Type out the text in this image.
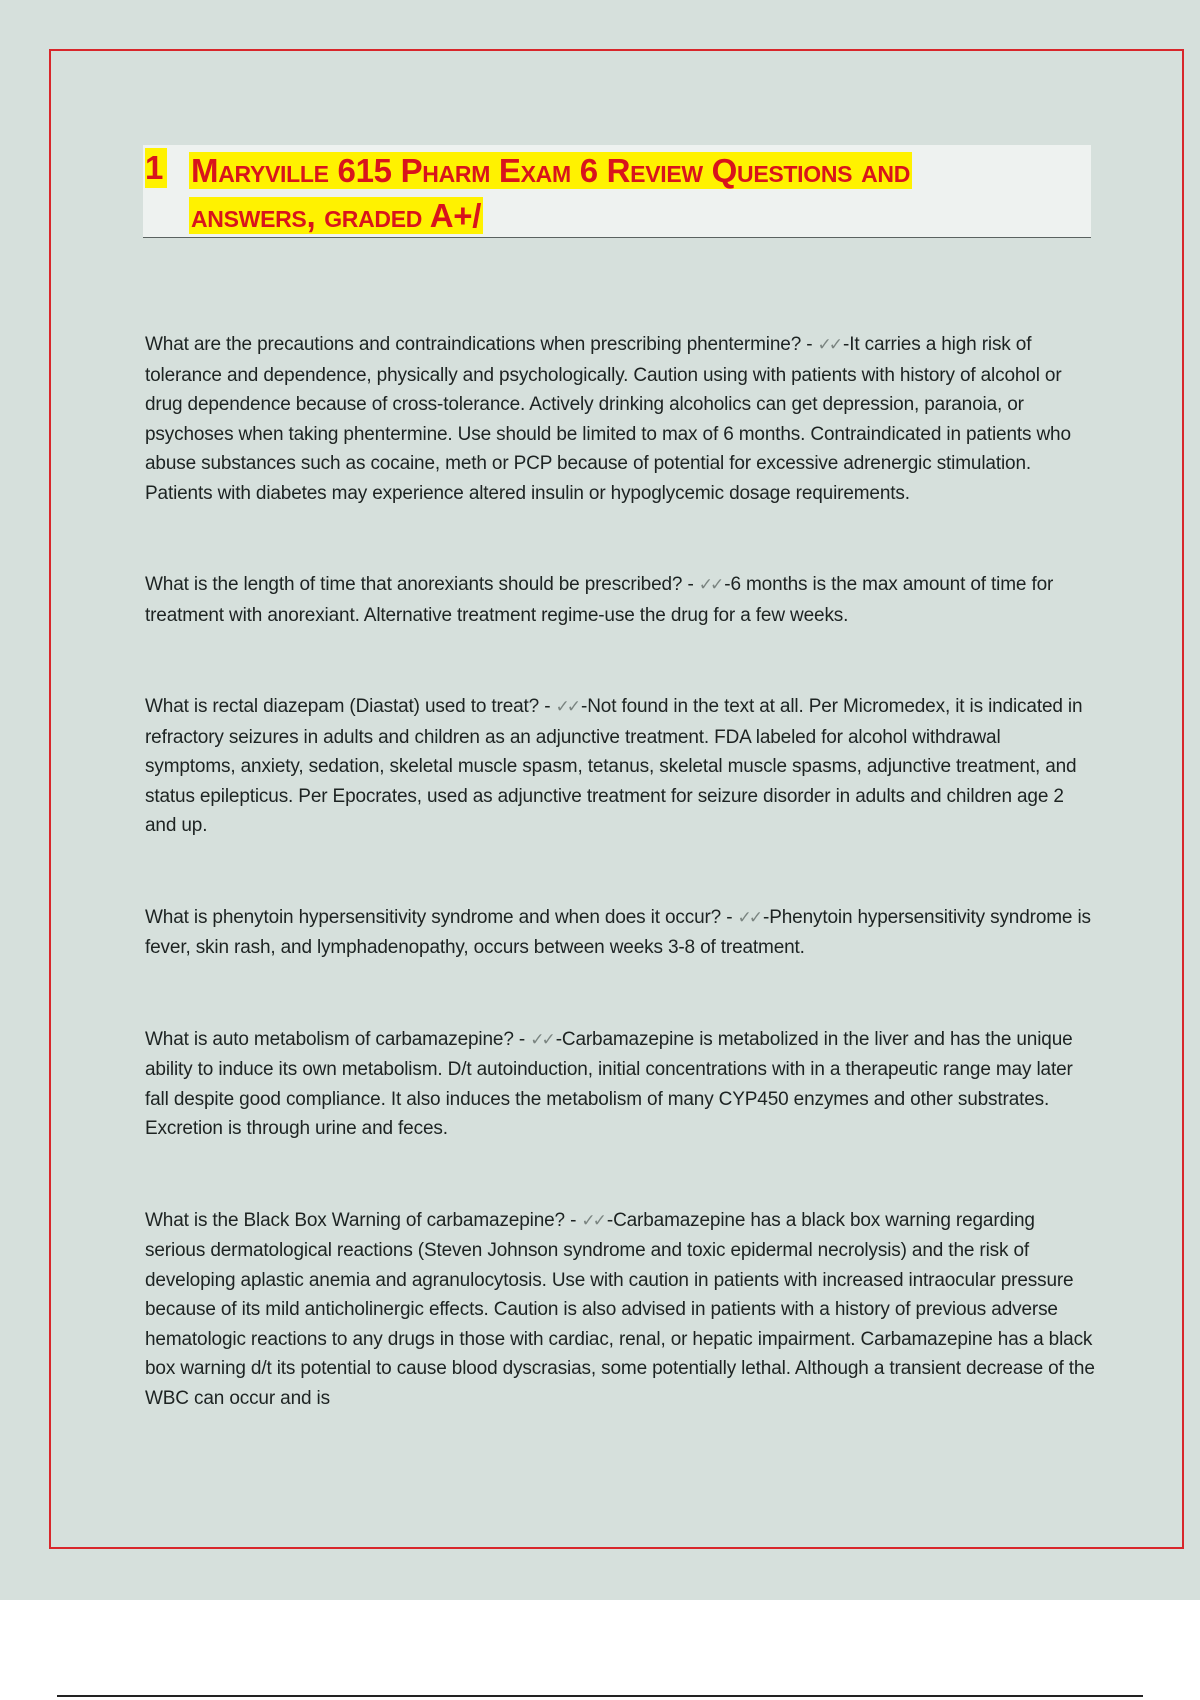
1 Maryville 615 Pharm Exam 6 Review Questions and
answers, graded A+/

What are the precautions and contraindications when prescribing phentermine? - ✓✓ -It carries a high risk of tolerance and dependence, physically and psychologically. Caution using with patients with history of alcohol or drug dependence because of cross-tolerance. Actively drinking alcoholics can get depression, paranoia, or psychoses when taking phentermine. Use should be limited to max of 6 months. Contraindicated in patients who abuse substances such as cocaine, meth or PCP because of potential for excessive adrenergic stimulation. Patients with diabetes may experience altered insulin or hypoglycemic dosage requirements.

What is the length of time that anorexiants should be prescribed? - ✓✓ -6 months is the max amount of time for treatment with anorexiant. Alternative treatment regime-use the drug for a few weeks.

What is rectal diazepam (Diastat) used to treat? - ✓✓ -Not found in the text at all. Per Micromedex, it is indicated in refractory seizures in adults and children as an adjunctive treatment. FDA labeled for alcohol withdrawal symptoms, anxiety, sedation, skeletal muscle spasm, tetanus, skeletal muscle spasms, adjunctive treatment, and status epilepticus. Per Epocrates, used as adjunctive treatment for seizure disorder in adults and children age 2 and up.

What is phenytoin hypersensitivity syndrome and when does it occur? - ✓✓ -Phenytoin hypersensitivity syndrome is fever, skin rash, and lymphadenopathy, occurs between weeks 3-8 of treatment.

What is auto metabolism of carbamazepine? - ✓✓ -Carbamazepine is metabolized in the liver and has the unique ability to induce its own metabolism. D/t autoinduction, initial concentrations with in a therapeutic range may later fall despite good compliance. It also induces the metabolism of many CYP450 enzymes and other substrates. Excretion is through urine and feces.

What is the Black Box Warning of carbamazepine? - ✓✓ -Carbamazepine has a black box warning regarding serious dermatological reactions (Steven Johnson syndrome and toxic epidermal necrolysis) and the risk of developing aplastic anemia and agranulocytosis. Use with caution in patients with increased intraocular pressure because of its mild anticholinergic effects. Caution is also advised in patients with a history of previous adverse hematologic reactions to any drugs in those with cardiac, renal, or hepatic impairment. Carbamazepine has a black box warning d/t its potential to cause blood dyscrasias, some potentially lethal. Although a transient decrease of the WBC can occur and is
